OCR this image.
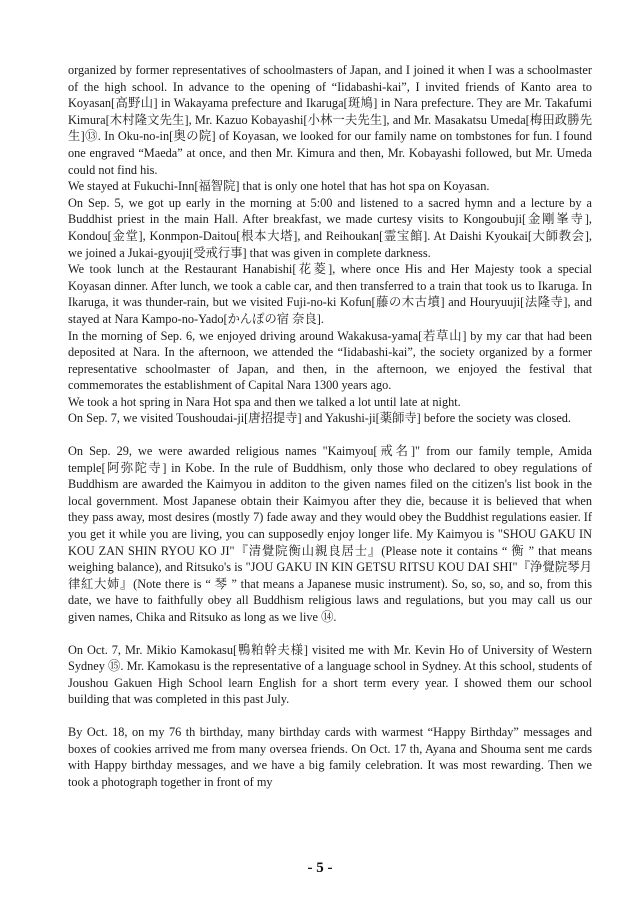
organized by former representatives of schoolmasters of Japan, and I joined it when I was a schoolmaster of the high school. In advance to the opening of “Iidabashi-kai”, I invited friends of Kanto area to Koyasan[高野山] in Wakayama prefecture and Ikaruga[斑鳩] in Nara prefecture. They are Mr. Takafumi Kimura[木村隆文先生], Mr. Kazuo Kobayashi[小林一夫先生], and Mr. Masakatsu Umeda[梅田政勝先生]⑬. In Oku-no-in[奥の院] of Koyasan, we looked for our family name on tombstones for fun. I found one engraved “Maeda” at once, and then Mr. Kimura and then, Mr. Kobayashi followed, but Mr. Umeda could not find his.

We stayed at Fukuchi-Inn[福智院] that is only one hotel that has hot spa on Koyasan.

On Sep. 5, we got up early in the morning at 5:00 and listened to a sacred hymn and a lecture by a Buddhist priest in the main Hall. After breakfast, we made curtesy visits to Kongoubuji[金剛峯寺], Kondou[金堂], Konmpon-Daitou[根本大塔], and Reihoukan[霊宝館]. At Daishi Kyoukai[大師教会], we joined a Jukai-gyouji[受戒行事] that was given in complete darkness.

We took lunch at the Restaurant Hanabishi[花菱], where once His and Her Majesty took a special Koyasan dinner. After lunch, we took a cable car, and then transferred to a train that took us to Ikaruga. In Ikaruga, it was thunder-rain, but we visited Fuji-no-ki Kofun[藤の木古墳] and Houryuuji[法隆寺], and stayed at Nara Kampo-no-Yado[かんぽの宿 奈良].

In the morning of Sep. 6, we enjoyed driving around Wakakusa-yama[若草山] by my car that had been deposited at Nara. In the afternoon, we attended the “Iidabashi-kai”, the society organized by a former representative schoolmaster of Japan, and then, in the afternoon, we enjoyed the festival that commemorates the establishment of Capital Nara 1300 years ago.

We took a hot spring in Nara Hot spa and then we talked a lot until late at night.

On Sep. 7, we visited Toushoudai-ji[唐招提寺] and Yakushi-ji[薬師寺] before the society was closed.

On Sep. 29, we were awarded religious names "Kaimyou[戒名]" from our family temple, Amida temple[阿弥陀寺] in Kobe. In the rule of Buddhism, only those who declared to obey regulations of Buddhism are awarded the Kaimyou in additon to the given names filed on the citizen's list book in the local government. Most Japanese obtain their Kaimyou after they die, because it is believed that when they pass away, most desires (mostly 7) fade away and they would obey the Buddhist regulations easier. If you get it while you are living, you can supposedly enjoy longer life. My Kaimyou is "SHOU GAKU IN KOU ZAN SHIN RYOU KO JI"『清覺院衡山親良居士』(Please note it contains “ 衡 ” that means weighing balance), and Ritsuko's is "JOU GAKU IN KIN GETSU RITSU KOU DAI SHI"『浄覺院琴月律紅大姉』(Note there is “ 琴 ” that means a Japanese music instrument). So, so, so, and so, from this date, we have to faithfully obey all Buddhism religious laws and regulations, but you may call us our given names, Chika and Ritsuko as long as we live ⑭.

On Oct. 7, Mr. Mikio Kamokasu[鴨粕幹夫様] visited me with Mr. Kevin Ho of University of Western Sydney ⑮. Mr. Kamokasu is the representative of a language school in Sydney. At this school, students of Joushou Gakuen High School learn English for a short term every year. I showed them our school building that was completed in this past July.

By Oct. 18, on my 76 th birthday, many birthday cards with warmest “Happy Birthday” messages and boxes of cookies arrived me from many oversea friends. On Oct. 17 th, Ayana and Shouma sent me cards with Happy birthday messages, and we have a big family celebration. It was most rewarding. Then we took a photograph together in front of my

- 5 -
